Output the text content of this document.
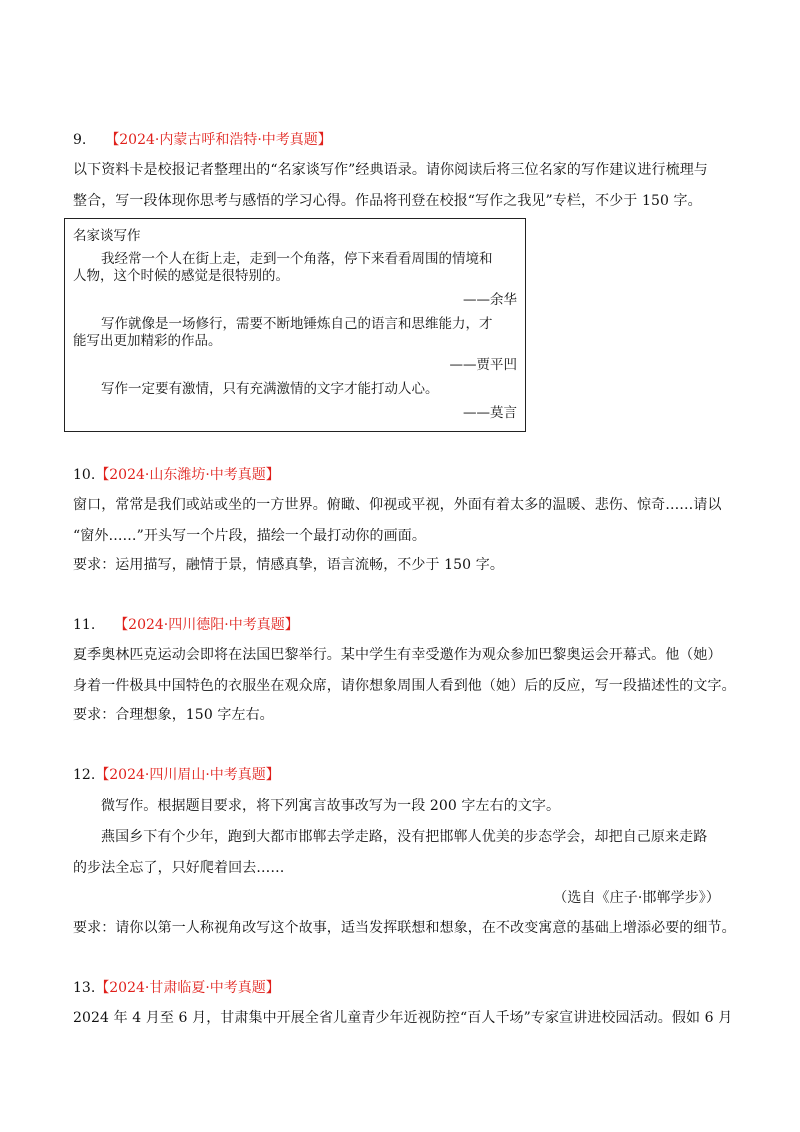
9. 【2024·内蒙古呼和浩特·中考真题】
以下资料卡是校报记者整理出的“名家谈写作”经典语录。请你阅读后将三位名家的写作建议进行梳理与
整合，写一段体现你思考与感悟的学习心得。作品将刊登在校报“写作之我见”专栏，不少于 150 字。
名家谈写作
我经常一个人在街上走，走到一个角落，停下来看看周围的情境和
人物，这个时候的感觉是很特别的。
——余华
写作就像是一场修行，需要不断地锤炼自己的语言和思维能力，才
能写出更加精彩的作品。
——贾平凹
写作一定要有激情，只有充满激情的文字才能打动人心。
——莫言
10.【2024·山东潍坊·中考真题】
窗口，常常是我们或站或坐的一方世界。俯瞰、仰视或平视，外面有着太多的温暖、悲伤、惊奇……请以
“窗外……”开头写一个片段，描绘一个最打动你的画面。
要求：运用描写，融情于景，情感真挚，语言流畅，不少于 150 字。
11. 【2024·四川德阳·中考真题】
夏季奥林匹克运动会即将在法国巴黎举行。某中学生有幸受邀作为观众参加巴黎奥运会开幕式。他（她）
身着一件极具中国特色的衣服坐在观众席，请你想象周围人看到他（她）后的反应，写一段描述性的文字。
要求：合理想象，150 字左右。
12.【2024·四川眉山·中考真题】
微写作。根据题目要求，将下列寓言故事改写为一段 200 字左右的文字。
燕国乡下有个少年，跑到大都市邯郸去学走路，没有把邯郸人优美的步态学会，却把自己原来走路
的步法全忘了，只好爬着回去……
（选自《庄子·邯郸学步》）
要求：请你以第一人称视角改写这个故事，适当发挥联想和想象，在不改变寓意的基础上增添必要的细节。
13.【2024·甘肃临夏·中考真题】
2024 年 4 月至 6 月，甘肃集中开展全省儿童青少年近视防控“百人千场”专家宣讲进校园活动。假如 6 月
